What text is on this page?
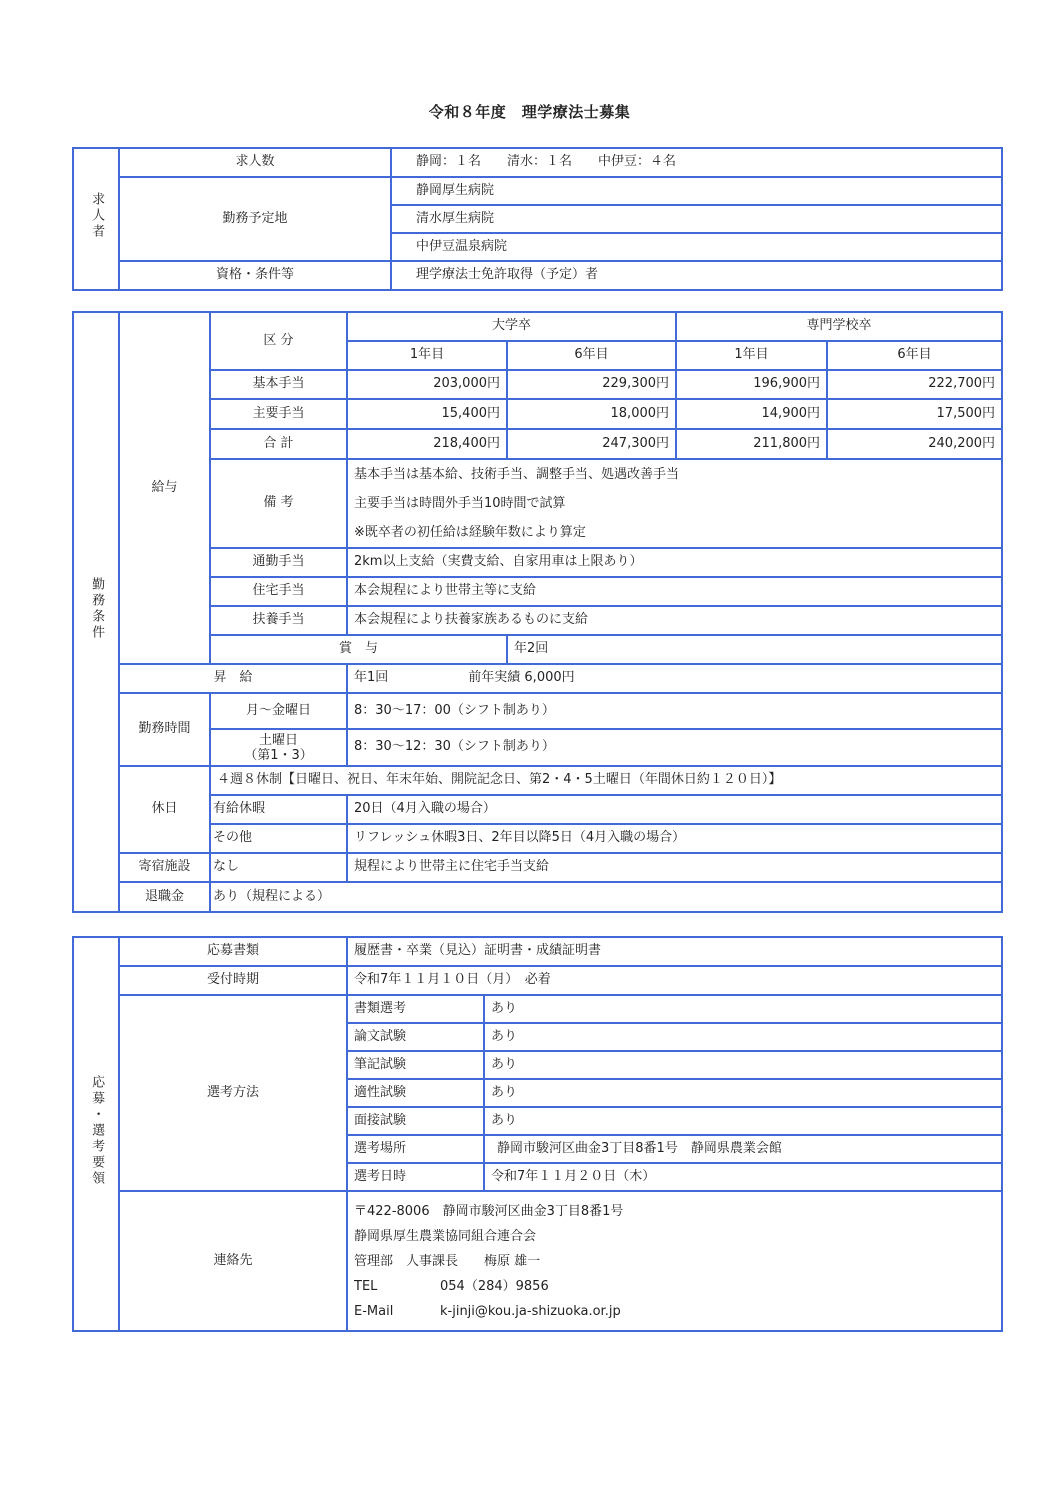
令和８年度　理学療法士募集
求人者	求人数	静岡：１名　　清水：１名　　中伊豆：４名
	勤務予定地	静岡厚生病院
		清水厚生病院
		中伊豆温泉病院
	資格・条件等	理学療法士免許取得（予定）者
勤務条件	給与	区 分	大学卒		専門学校卒	
			1年目	6年目	1年目	6年目
		基本手当	203,000円	229,300円	196,900円	222,700円
		主要手当	15,400円	18,000円	14,900円	17,500円
		合 計	218,400円	247,300円	211,800円	240,200円
		備 考	基本手当は基本給、技術手当、調整手当、処遇改善手当
主要手当は時間外手当10時間で試算
※既卒者の初任給は経験年数により算定			

		通勤手当	2km以上支給（実費支給、自家用車は上限あり）			
		住宅手当	本会規程により世帯主等に支給			
		扶養手当	本会規程により扶養家族あるものに支給			
		賞　与		年2回		
	昇　給		年1回 前年実績 6,000円			
	勤務時間	月～金曜日	8：30～17：00（シフト制あり）			
		土曜日
（第1・3）	8：30～12：30（シフト制あり）			
	休日	４週８休制【日曜日、祝日、年末年始、開院記念日、第2・4・5土曜日（年間休日約１２０日）】				
		有給休暇	20日（4月入職の場合）			
		その他	リフレッシュ休暇3日、2年目以降5日（4月入職の場合）			
	寄宿施設	なし	規程により世帯主に住宅手当支給			
	退職金	あり（規程による）				
応募・選考要領	応募書類	履歴書・卒業（見込）証明書・成績証明書	
	受付時期	令和7年１１月１０日（月）　必着	
	選考方法	書類選考	あり
		論文試験	あり
		筆記試験	あり
		適性試験	あり
		面接試験	あり
		選考場所	静岡市駿河区曲金3丁目8番1号　静岡県農業会館
		選考日時	令和7年１１月２０日（木）
	連絡先	〒422-8006　静岡市駿河区曲金3丁目8番1号
静岡県厚生農業協同組合連合会
管理部　人事課長　　梅原 雄一
TEL 054（284）9856
E-Mail k-jinji@kou.ja-shizuoka.or.jp	
